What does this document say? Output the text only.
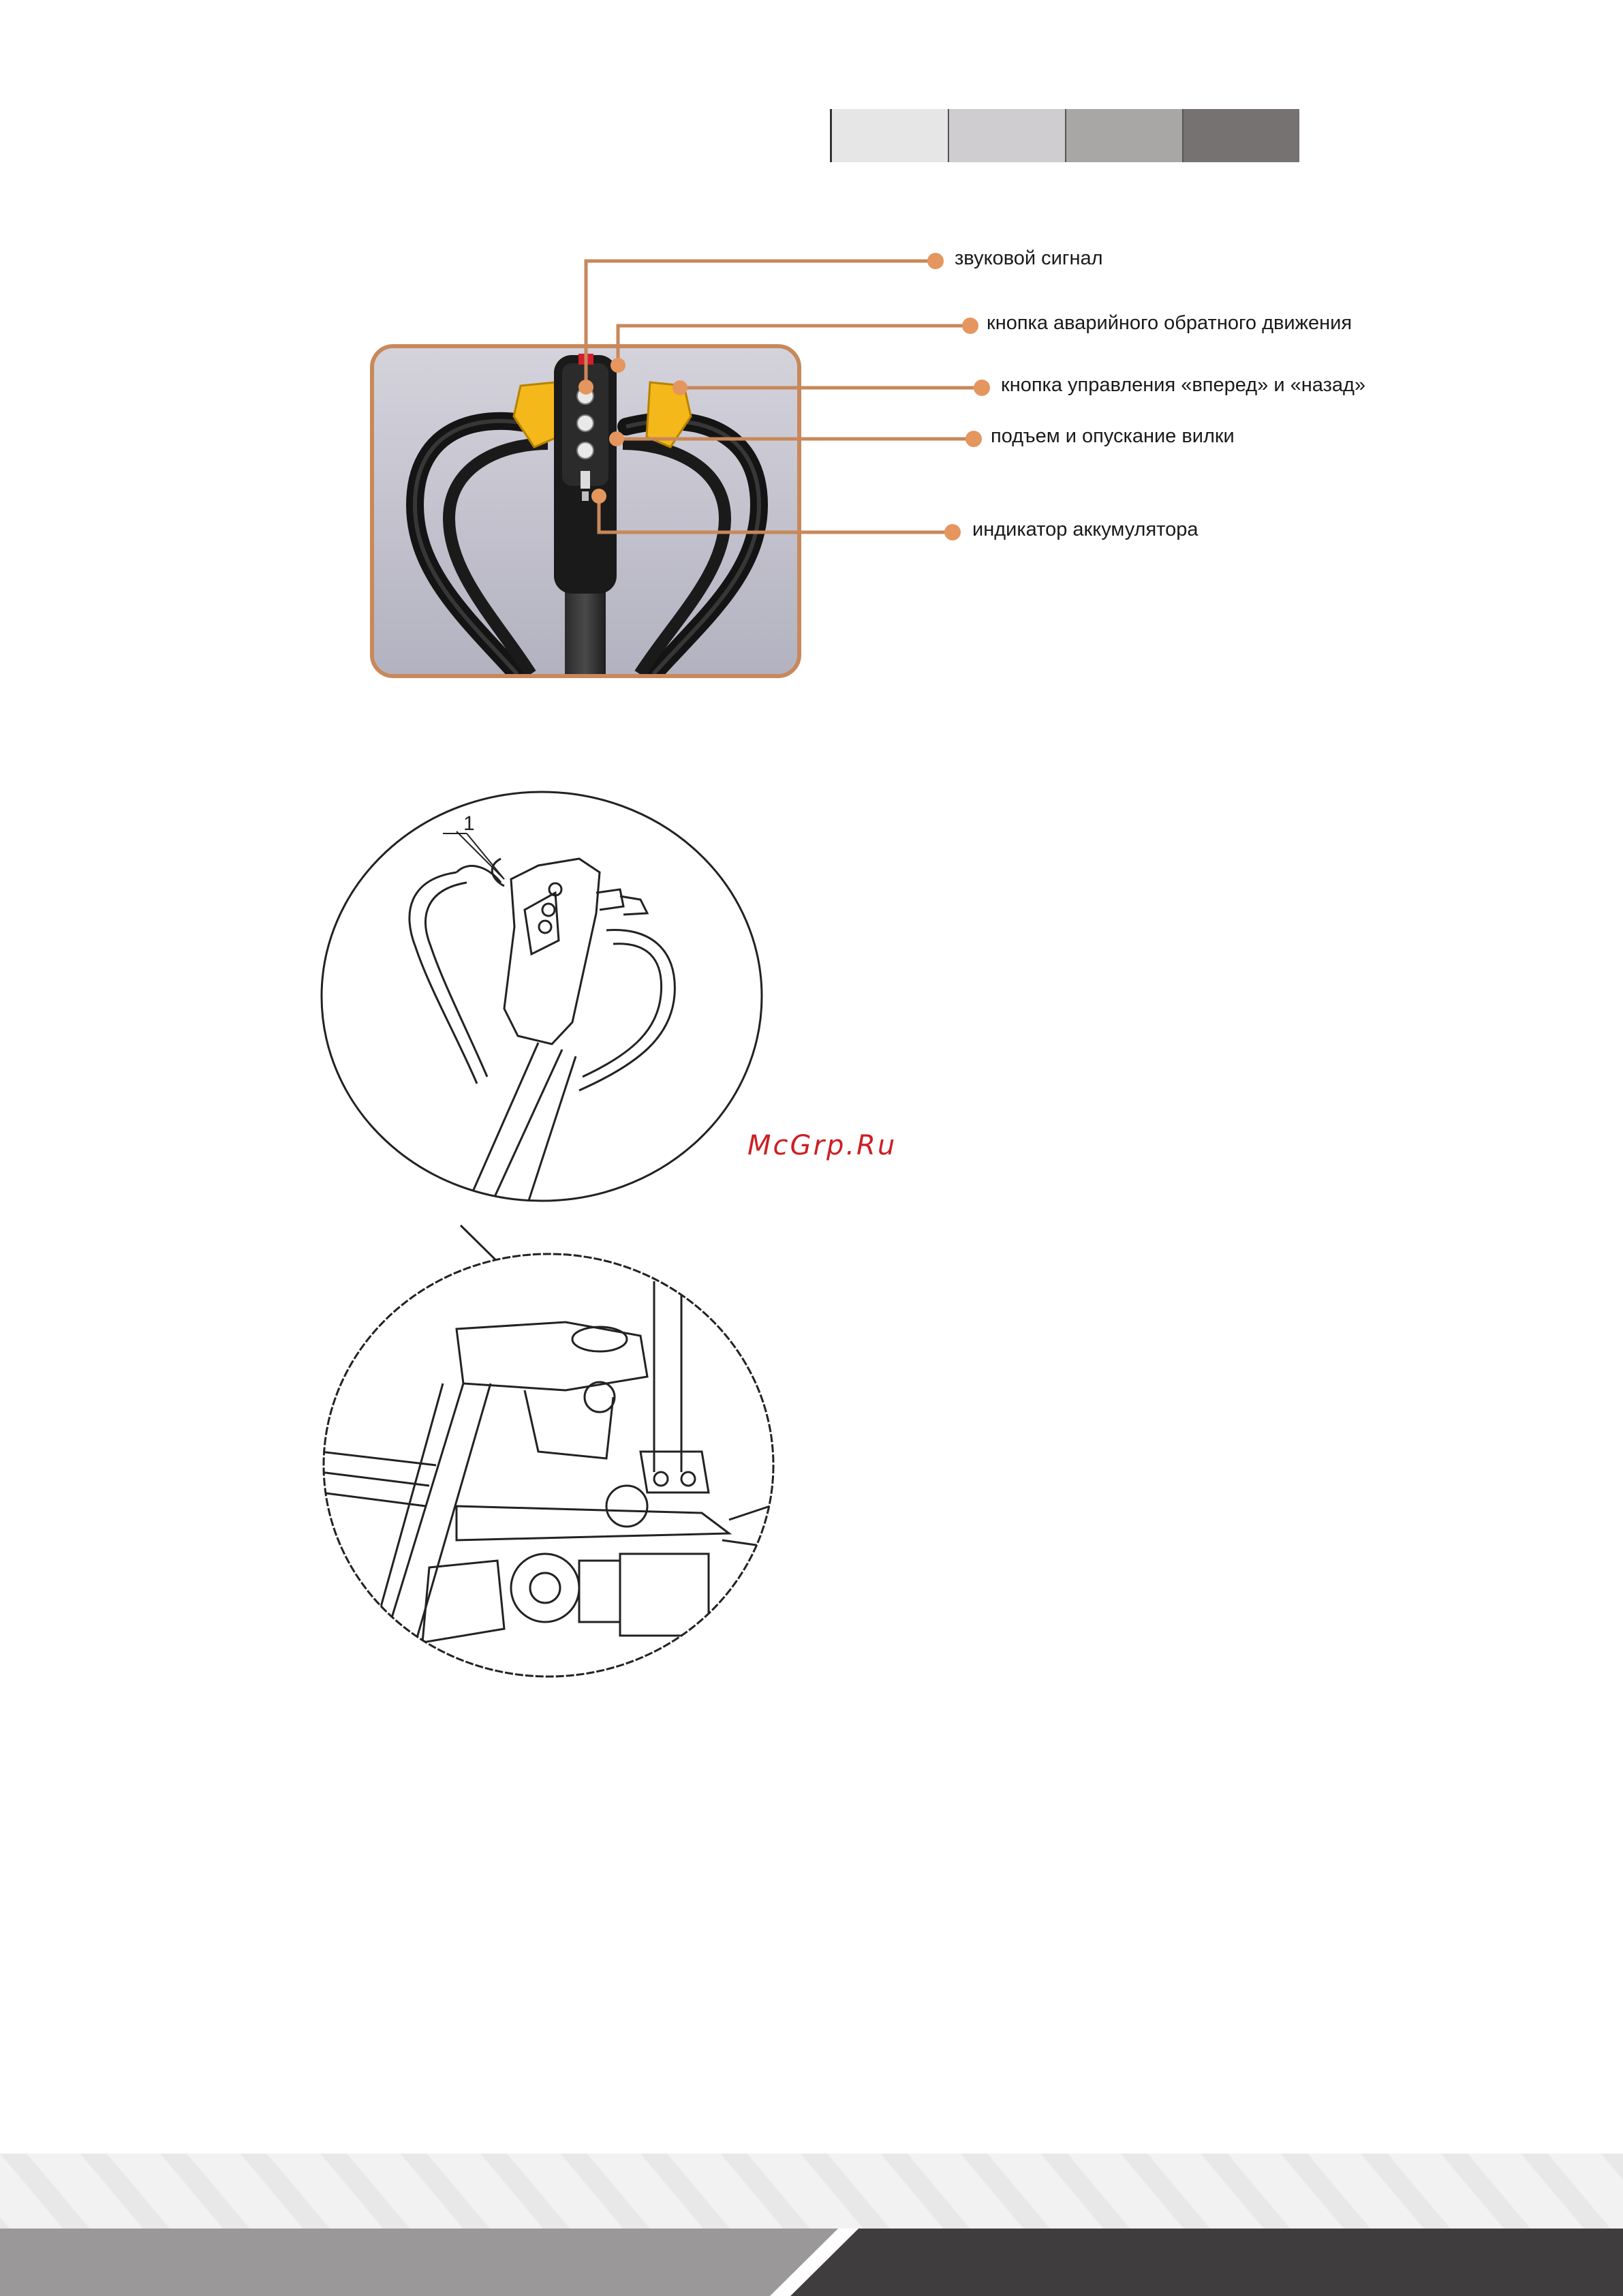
звуковой сигнал
кнопка аварийного обратного движения
кнопка управления «вперед» и «назад»
подъем и опускание вилки
индикатор аккумулятора
1
McGrp.Ru
